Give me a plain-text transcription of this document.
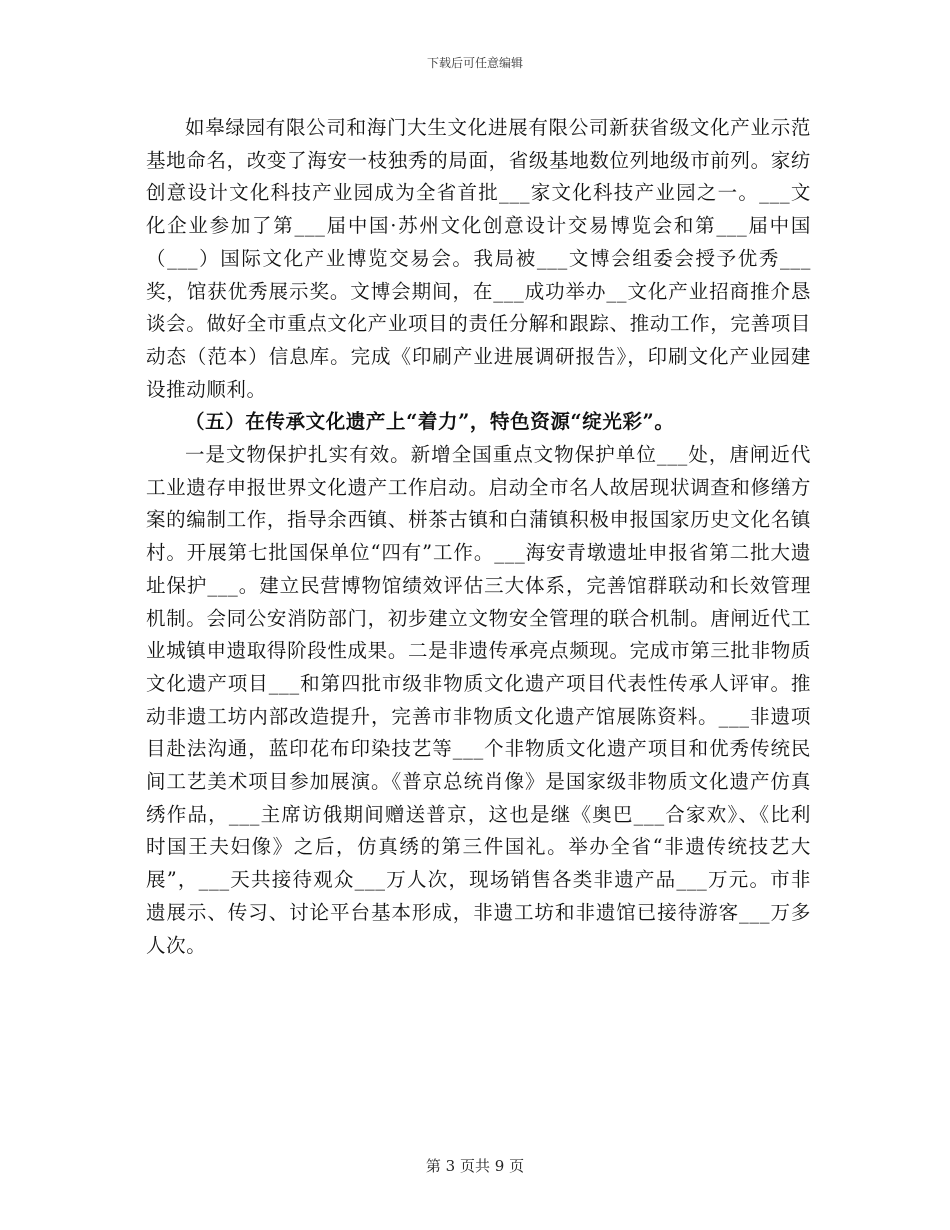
下载后可任意编辑

如皋绿园有限公司和海门大生文化进展有限公司新获省级文化产业示范基地命名，改变了海安一枝独秀的局面，省级基地数位列地级市前列。家纺创意设计文化科技产业园成为全省首批___家文化科技产业园之一。___文化企业参加了第___届中国·苏州文化创意设计交易博览会和第___届中国（___）国际文化产业博览交易会。我局被___文博会组委会授予优秀___奖，馆获优秀展示奖。文博会期间，在___成功举办__文化产业招商推介恳谈会。做好全市重点文化产业项目的责任分解和跟踪、推动工作，完善项目动态（范本）信息库。完成《印刷产业进展调研报告》，印刷文化产业园建设推动顺利。

（五）在传承文化遗产上“着力”，特色资源“绽光彩”。

一是文物保护扎实有效。新增全国重点文物保护单位___处，唐闸近代工业遗存申报世界文化遗产工作启动。启动全市名人故居现状调查和修缮方案的编制工作，指导余西镇、栟茶古镇和白蒲镇积极申报国家历史文化名镇村。开展第七批国保单位“四有”工作。___海安青墩遗址申报省第二批大遗址保护___。建立民营博物馆绩效评估三大体系，完善馆群联动和长效管理机制。会同公安消防部门，初步建立文物安全管理的联合机制。唐闸近代工业城镇申遗取得阶段性成果。二是非遗传承亮点频现。完成市第三批非物质文化遗产项目___和第四批市级非物质文化遗产项目代表性传承人评审。推动非遗工坊内部改造提升，完善市非物质文化遗产馆展陈资料。___非遗项目赴法沟通，蓝印花布印染技艺等___个非物质文化遗产项目和优秀传统民间工艺美术项目参加展演。《普京总统肖像》是国家级非物质文化遗产仿真绣作品，___主席访俄期间赠送普京，这也是继《奥巴___合家欢》、《比利时国王夫妇像》之后，仿真绣的第三件国礼。举办全省“非遗传统技艺大展”，___天共接待观众___万人次，现场销售各类非遗产品___万元。市非遗展示、传习、讨论平台基本形成，非遗工坊和非遗馆已接待游客___万多人次。

第 3 页共 9 页
